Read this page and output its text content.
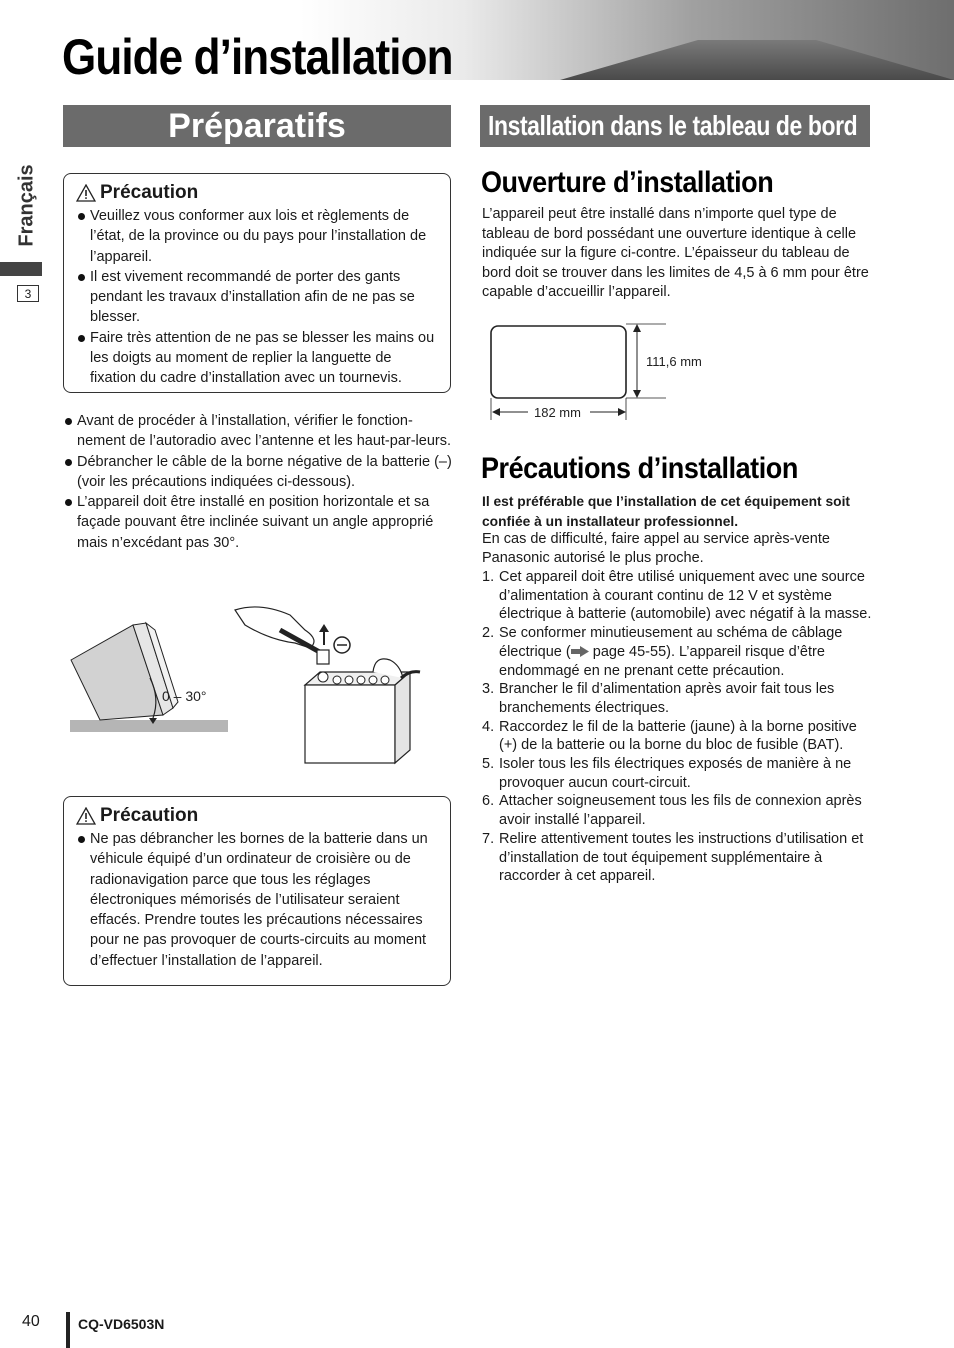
Guide d’installation
Français
3
Préparatifs	Installation dans le tableau de bord
Précaution
Veuillez vous conformer aux lois et règlements de l’état, de la province ou du pays pour l’installation de l’appareil.
Il est vivement recommandé de porter des gants pendant les travaux d’installation afin de ne pas se blesser.
Faire très attention de ne pas se blesser les mains ou les doigts au moment de replier la languette de fixation du cadre d’installation avec un tournevis.
Avant de procéder à l’installation, vérifier le fonction-nement de l’autoradio avec l’antenne et les haut-par-leurs.
Débrancher le câble de la borne négative de la batterie (–) (voir les précautions indiquées ci-dessous).
L’appareil doit être installé en position horizontale et sa façade pouvant être inclinée suivant un angle approprié mais n’excédant pas 30°.
0 – 30°
Précaution
Ne pas débrancher les bornes de la batterie dans un véhicule équipé d’un ordinateur de croisière ou de radionavigation parce que tous les réglages électroniques mémorisés de l’utilisateur seraient effacés. Prendre toutes les précautions nécessaires pour ne pas provoquer de courts-circuits au moment d’effectuer l’installation de l’appareil.
Ouverture d’installation
L’appareil peut être installé dans n’importe quel type de tableau de bord possédant une ouverture identique à celle indiquée sur la figure ci-contre. L’épaisseur du tableau de bord doit se trouver dans les limites de 4,5 à 6 mm pour être capable d’accueillir l’appareil.
111,6 mm
182 mm
Précautions d’installation
Il est préférable que l’installation de cet équipement soit confiée à un installateur professionnel.
En cas de difficulté, faire appel au service après-vente Panasonic autorisé le plus proche.
1. Cet appareil doit être utilisé uniquement avec une source d’alimentation à courant continu de 12 V et système électrique à batterie (automobile) avec négatif à la masse.
2. Se conformer minutieusement au schéma de câblage électrique ( page 45-55). L’appareil risque d’être endommagé en ne prenant cette précaution.
3. Brancher le fil d’alimentation après avoir fait tous les branchements électriques.
4. Raccordez le fil de la batterie (jaune) à la borne positive (+) de la batterie ou la borne du bloc de fusible (BAT).
5. Isoler tous les fils électriques exposés de manière à ne provoquer aucun court-circuit.
6. Attacher soigneusement tous les fils de connexion après avoir installé l’appareil.
7. Relire attentivement toutes les instructions d’utilisation et d’installation de tout équipement supplémentaire à raccorder à cet appareil.
40	CQ-VD6503N
